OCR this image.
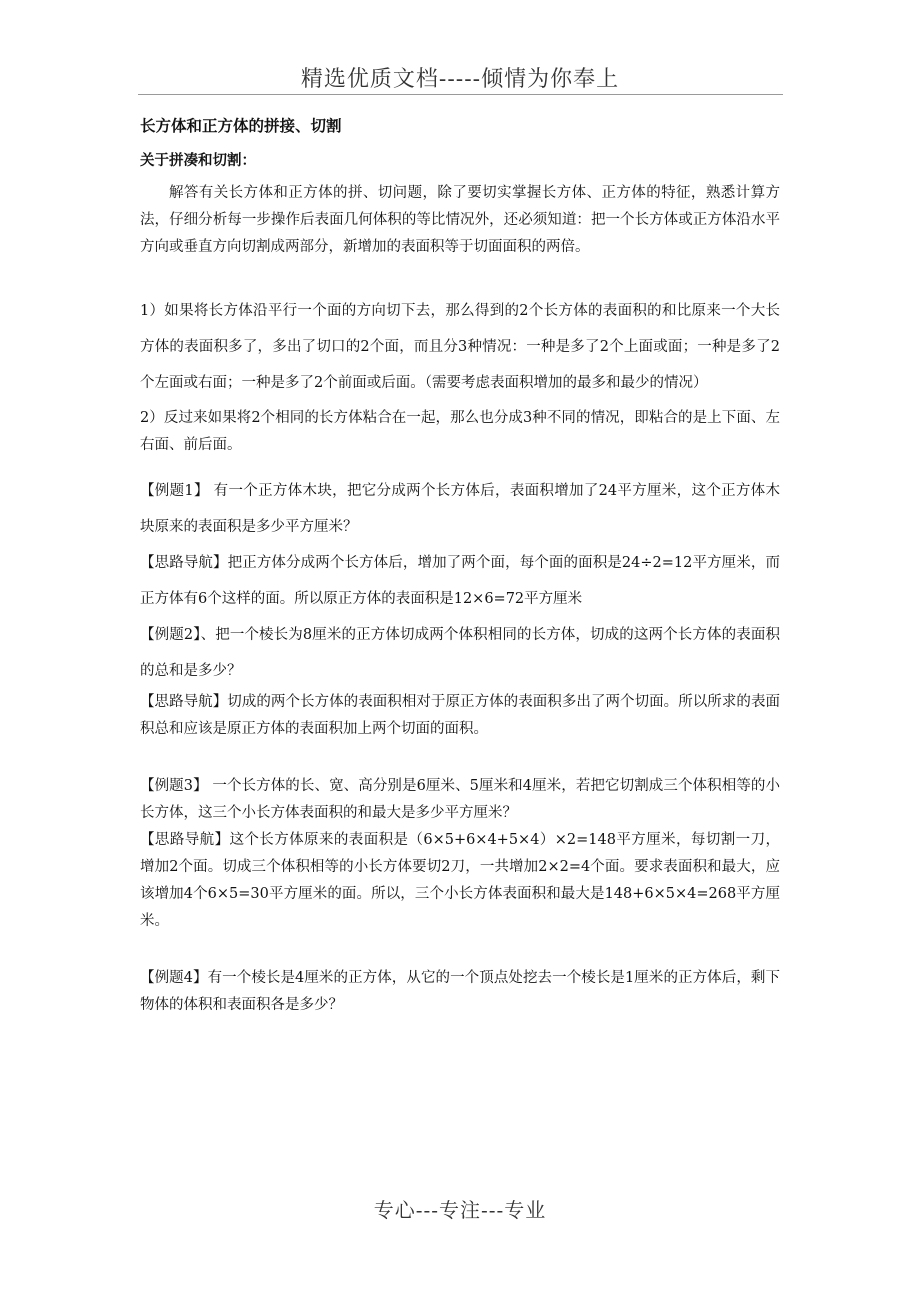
精选优质文档-----倾情为你奉上
长方体和正方体的拼接、切割
关于拼凑和切割：

解答有关长方体和正方体的拼、切问题，除了要切实掌握长方体、正方体的特征，熟悉计算方法，仔细分析每一步操作后表面几何体积的等比情况外，还必须知道：把一个长方体或正方体沿水平方向或垂直方向切割成两部分，新增加的表面积等于切面面积的两倍。

1）如果将长方体沿平行一个面的方向切下去，那么得到的2个长方体的表面积的和比原来一个大长方体的表面积多了，多出了切口的2个面，而且分3种情况：一种是多了2个上面或面；一种是多了2个左面或右面；一种是多了2个前面或后面。（需要考虑表面积增加的最多和最少的情况）

2）反过来如果将2个相同的长方体粘合在一起，那么也分成3种不同的情况，即粘合的是上下面、左右面、前后面。

【例题1】 有一个正方体木块，把它分成两个长方体后，表面积增加了24平方厘米，这个正方体木块原来的表面积是多少平方厘米？

【思路导航】把正方体分成两个长方体后，增加了两个面，每个面的面积是24÷2=12平方厘米，而正方体有6个这样的面。所以原正方体的表面积是12×6=72平方厘米

【例题2】、把一个棱长为8厘米的正方体切成两个体积相同的长方体，切成的这两个长方体的表面积的总和是多少？

【思路导航】切成的两个长方体的表面积相对于原正方体的表面积多出了两个切面。所以所求的表面积总和应该是原正方体的表面积加上两个切面的面积。

【例题3】 一个长方体的长、宽、高分别是6厘米、5厘米和4厘米，若把它切割成三个体积相等的小长方体，这三个小长方体表面积的和最大是多少平方厘米？

【思路导航】这个长方体原来的表面积是（6×5+6×4+5×4）×2=148平方厘米，每切割一刀，增加2个面。切成三个体积相等的小长方体要切2刀，一共增加2×2=4个面。要求表面积和最大，应该增加4个6×5=30平方厘米的面。所以，三个小长方体表面积和最大是148+6×5×4=268平方厘米。

【例题4】有一个棱长是4厘米的正方体，从它的一个顶点处挖去一个棱长是1厘米的正方体后，剩下物体的体积和表面积各是多少？

专心---专注---专业
